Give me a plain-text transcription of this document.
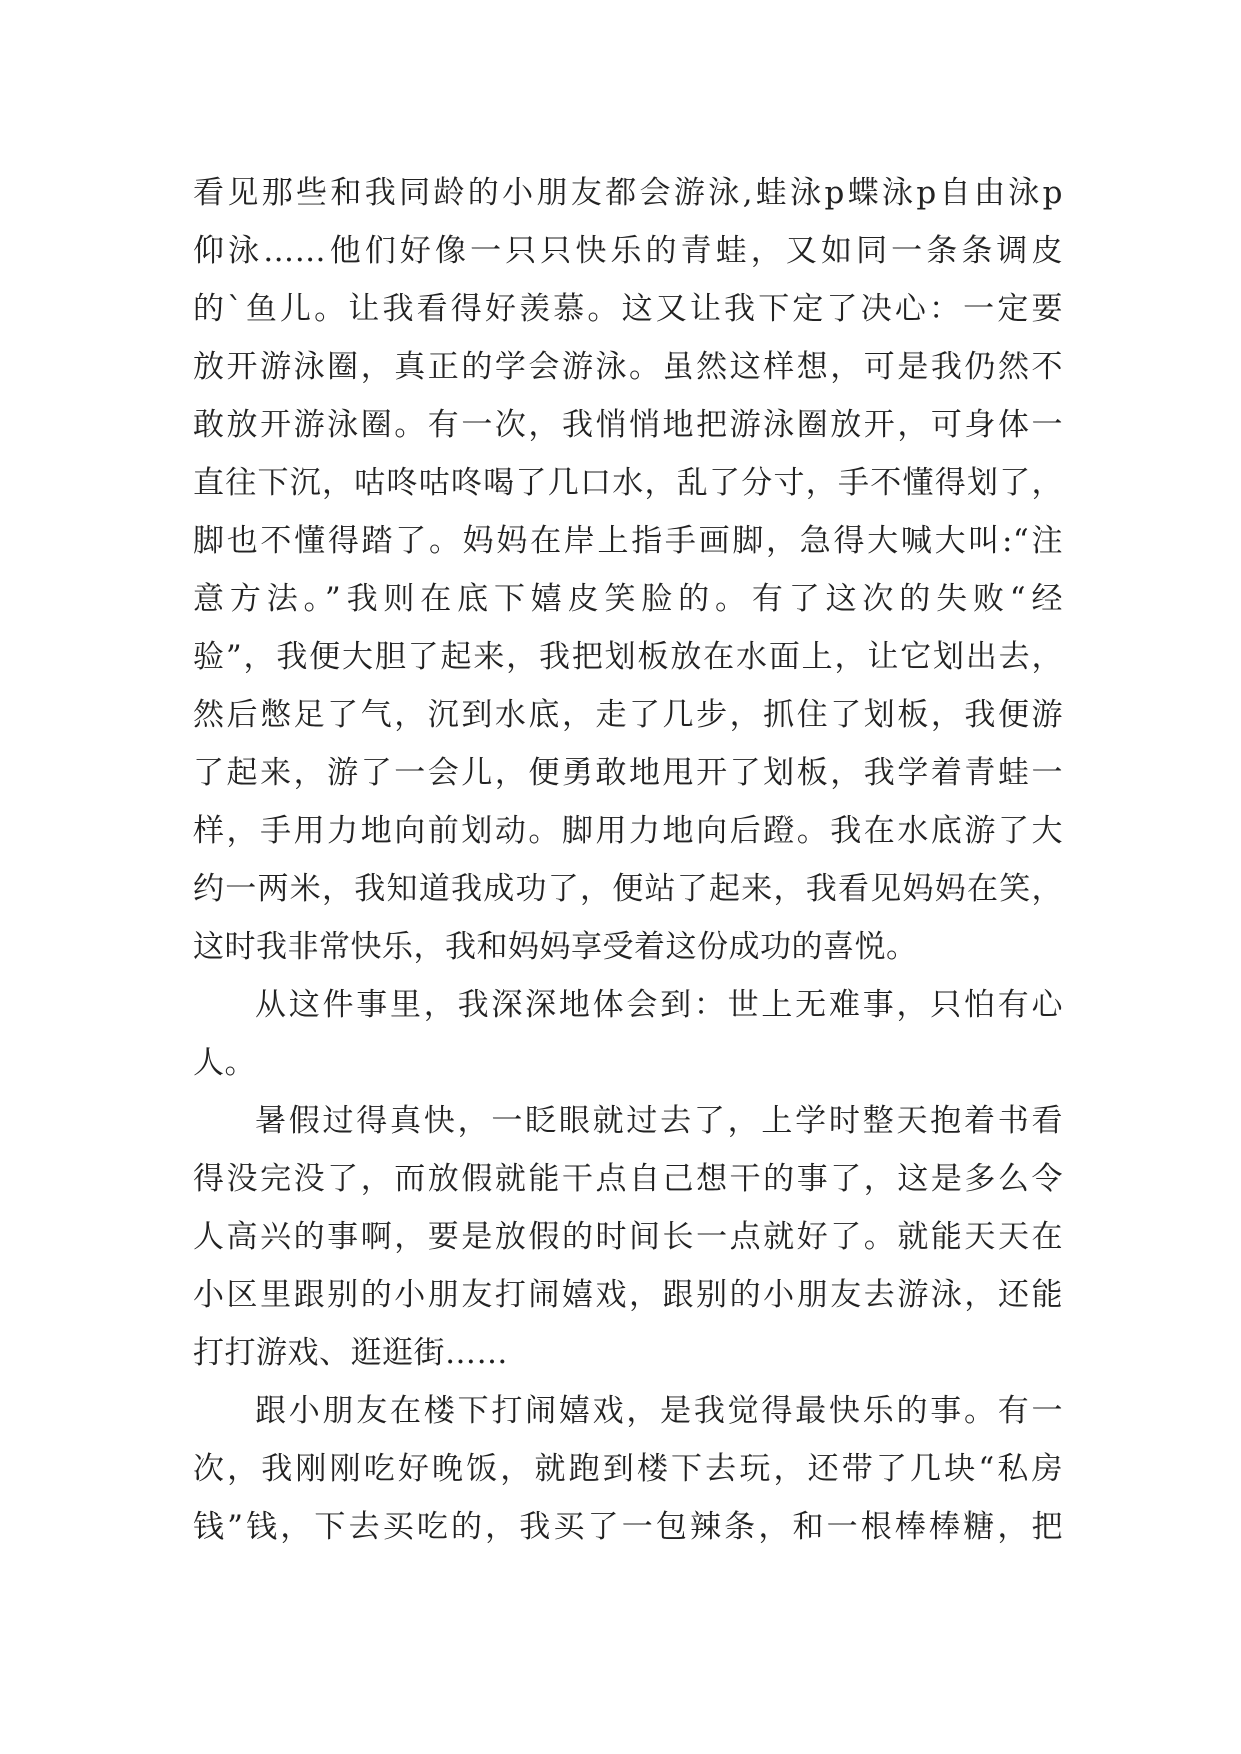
看见那些和我同龄的小朋友都会游泳,蛙泳p蝶泳p自由泳p
仰泳……他们好像一只只快乐的青蛙，又如同一条条调皮
的`鱼儿。让我看得好羡慕。这又让我下定了决心：一定要
放开游泳圈，真正的学会游泳。虽然这样想，可是我仍然不
敢放开游泳圈。有一次，我悄悄地把游泳圈放开，可身体一
直往下沉，咕咚咕咚喝了几口水，乱了分寸，手不懂得划了，
脚也不懂得踏了。妈妈在岸上指手画脚，急得大喊大叫:“注
意方法。”我则在底下嬉皮笑脸的。有了这次的失败“经
验”，我便大胆了起来，我把划板放在水面上，让它划出去，
然后憋足了气，沉到水底，走了几步，抓住了划板，我便游
了起来，游了一会儿，便勇敢地甩开了划板，我学着青蛙一
样，手用力地向前划动。脚用力地向后蹬。我在水底游了大
约一两米，我知道我成功了，便站了起来，我看见妈妈在笑，
这时我非常快乐，我和妈妈享受着这份成功的喜悦。
从这件事里，我深深地体会到：世上无难事，只怕有心
人。
暑假过得真快，一眨眼就过去了，上学时整天抱着书看
得没完没了，而放假就能干点自己想干的事了，这是多么令
人高兴的事啊，要是放假的时间长一点就好了。就能天天在
小区里跟别的小朋友打闹嬉戏，跟别的小朋友去游泳，还能
打打游戏、逛逛街……
跟小朋友在楼下打闹嬉戏，是我觉得最快乐的事。有一
次，我刚刚吃好晚饭，就跑到楼下去玩，还带了几块“私房
钱”钱，下去买吃的，我买了一包辣条，和一根棒棒糖，把
